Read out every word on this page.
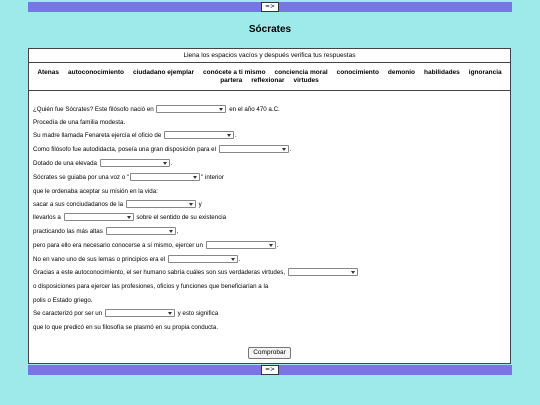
=>
Sócrates
Llena los espacios vacíos y después verifica tus respuestas
Atenas autoconocimiento ciudadano ejemplar conócete a ti mismo conciencia moral conocimiento demonio habilidades ignorancia
partera reflexionar virtudes
¿Quién fue Sócrates? Este filósofo nació en	en el año 470 a.C.
Procedía de una familia modesta.
Su madre llamada Fenareta ejercía el oficio de	.
Como filósofo fue autodidacta, poseía una gran disposición para el	.
Dotado de una elevada	.
Sócrates se guiaba por una voz o "	" interior
que le ordenaba aceptar su misión en la vida:
sacar a sus conciudadanos de la	y
llevarlos a	sobre el sentido de su existencia
practicando las más altas	,
pero para ello era necesario conocerse a sí mismo, ejercer un	.
No en vano uno de sus lemas o principios era el	.
Gracias a este autoconocimiento, el ser humano sabría cuáles son sus verdaderas virtudes,
o disposiciones para ejercer las profesiones, oficios y funciones que beneficiarían a la
polis o Estado griego.
Se caracterizó por ser un	y esto significa
que lo que predicó en su filosofía se plasmó en su propia conducta.
Comprobar
=>
